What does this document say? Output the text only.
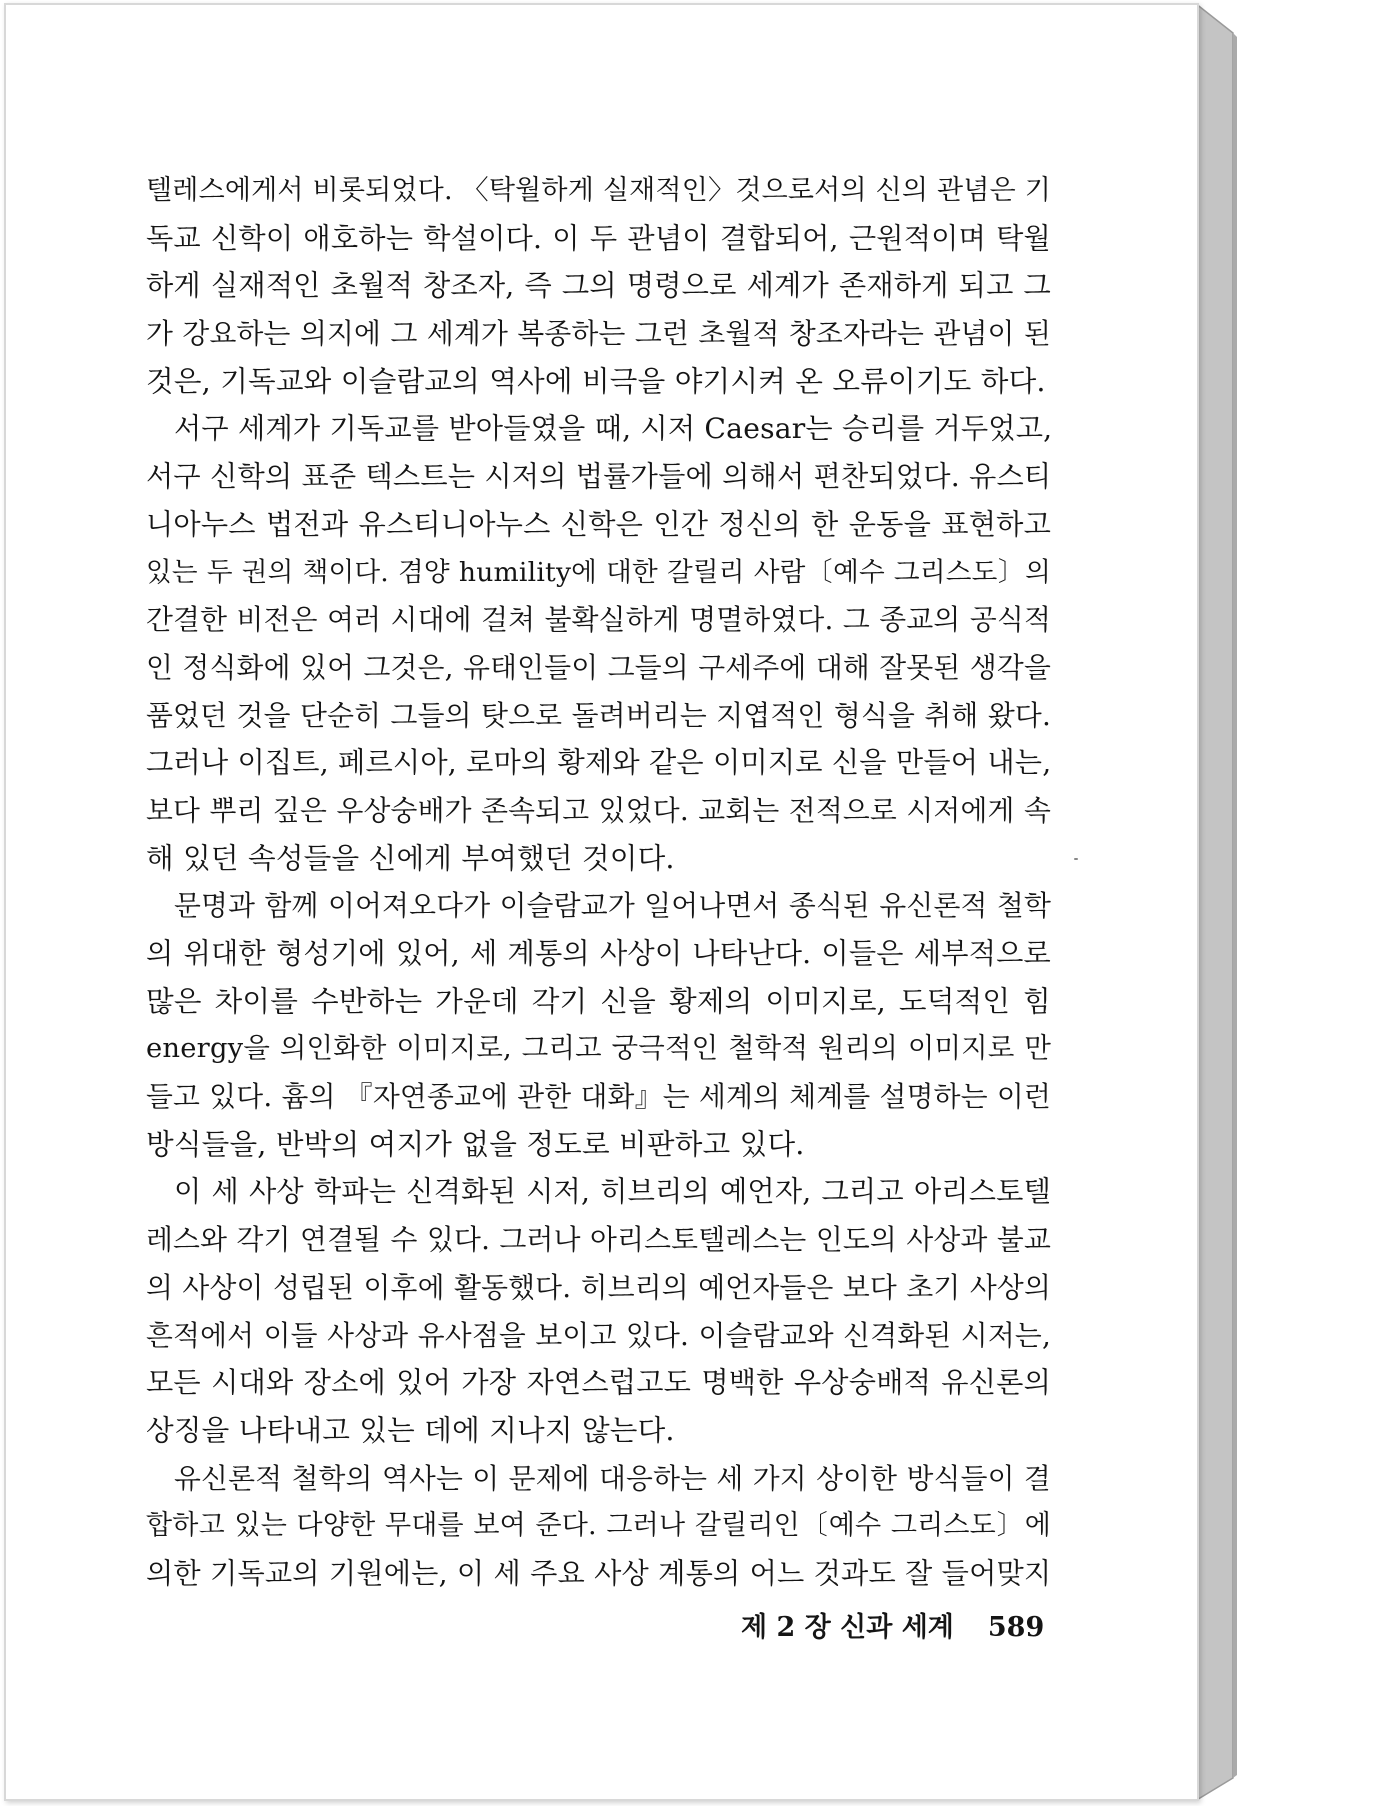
텔레스에게서 비롯되었다. 〈탁월하게 실재적인〉것으로서의 신의 관념은 기
독교 신학이 애호하는 학설이다. 이 두 관념이 결합되어, 근원적이며 탁월
하게 실재적인 초월적 창조자, 즉 그의 명령으로 세계가 존재하게 되고 그
가 강요하는 의지에 그 세계가 복종하는 그런 초월적 창조자라는 관념이 된
것은, 기독교와 이슬람교의 역사에 비극을 야기시켜 온 오류이기도 하다.
서구 세계가 기독교를 받아들였을 때, 시저 Caesar는 승리를 거두었고,
서구 신학의 표준 텍스트는 시저의 법률가들에 의해서 편찬되었다. 유스티
니아누스 법전과 유스티니아누스 신학은 인간 정신의 한 운동을 표현하고
있는 두 권의 책이다. 겸양 humility에 대한 갈릴리 사람〔예수 그리스도〕의
간결한 비전은 여러 시대에 걸쳐 불확실하게 명멸하였다. 그 종교의 공식적
인 정식화에 있어 그것은, 유태인들이 그들의 구세주에 대해 잘못된 생각을
품었던 것을 단순히 그들의 탓으로 돌려버리는 지엽적인 형식을 취해 왔다.
그러나 이집트, 페르시아, 로마의 황제와 같은 이미지로 신을 만들어 내는,
보다 뿌리 깊은 우상숭배가 존속되고 있었다. 교회는 전적으로 시저에게 속
해 있던 속성들을 신에게 부여했던 것이다.
문명과 함께 이어져오다가 이슬람교가 일어나면서 종식된 유신론적 철학
의 위대한 형성기에 있어, 세 계통의 사상이 나타난다. 이들은 세부적으로
많은 차이를 수반하는 가운데 각기 신을 황제의 이미지로, 도덕적인 힘
energy을 의인화한 이미지로, 그리고 궁극적인 철학적 원리의 이미지로 만
들고 있다. 흄의 『자연종교에 관한 대화』는 세계의 체계를 설명하는 이런
방식들을, 반박의 여지가 없을 정도로 비판하고 있다.
이 세 사상 학파는 신격화된 시저, 히브리의 예언자, 그리고 아리스토텔
레스와 각기 연결될 수 있다. 그러나 아리스토텔레스는 인도의 사상과 불교
의 사상이 성립된 이후에 활동했다. 히브리의 예언자들은 보다 초기 사상의
흔적에서 이들 사상과 유사점을 보이고 있다. 이슬람교와 신격화된 시저는,
모든 시대와 장소에 있어 가장 자연스럽고도 명백한 우상숭배적 유신론의
상징을 나타내고 있는 데에 지나지 않는다.
유신론적 철학의 역사는 이 문제에 대응하는 세 가지 상이한 방식들이 결
합하고 있는 다양한 무대를 보여 준다. 그러나 갈릴리인〔예수 그리스도〕에
의한 기독교의 기원에는, 이 세 주요 사상 계통의 어느 것과도 잘 들어맞지
제 2 장 신과 세계 589
